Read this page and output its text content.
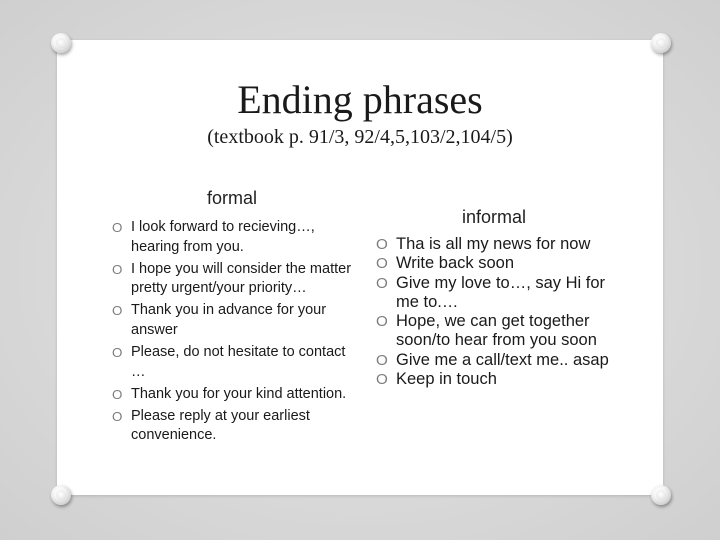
Ending phrases
(textbook p. 91/3, 92/4,5,103/2,104/5)
formal
O I look forward to recieving…, hearing from you.
O I hope you will consider the matter pretty urgent/your priority…
O Thank you in advance for your answer
O Please, do not hesitate to contact …
O Thank you for your kind attention.
O Please reply at your earliest convenience.
informal
O Tha is all my news for now
O Write back soon
O Give my love to…, say Hi for me to.…
O Hope, we can get together soon/to hear from you soon
O Give me a call/text me.. asap
O Keep in touch
